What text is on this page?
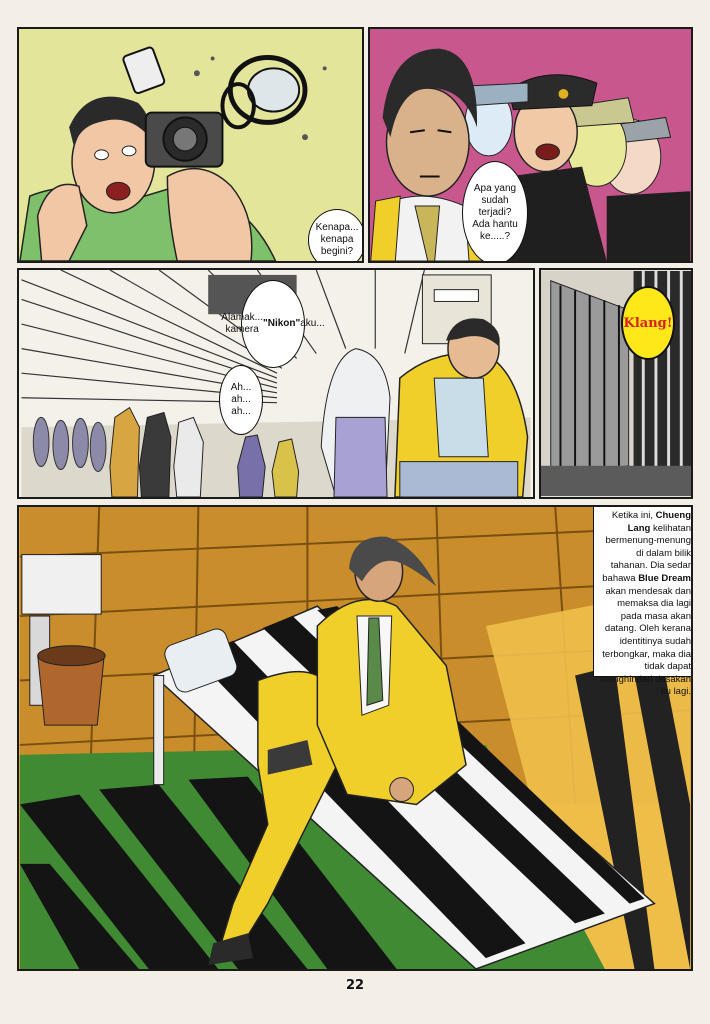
Kenapa... kenapa begini?
Apa yang sudah terjadi? Ada hantu ke.....?
Alamak... kamera
"Nikon" aku...
Ah... ah... ah...
Klang!
Ketika ini, Chueng Lang kelihatan bermenung-menung di dalam bilik tahanan. Dia sedar bahawa Blue Dream akan mendesak dan memaksa dia lagi pada masa akan datang. Oleh kerana identitinya sudah terbongkar, maka dia tidak dapat menghindari desakan itu lagi.
22
